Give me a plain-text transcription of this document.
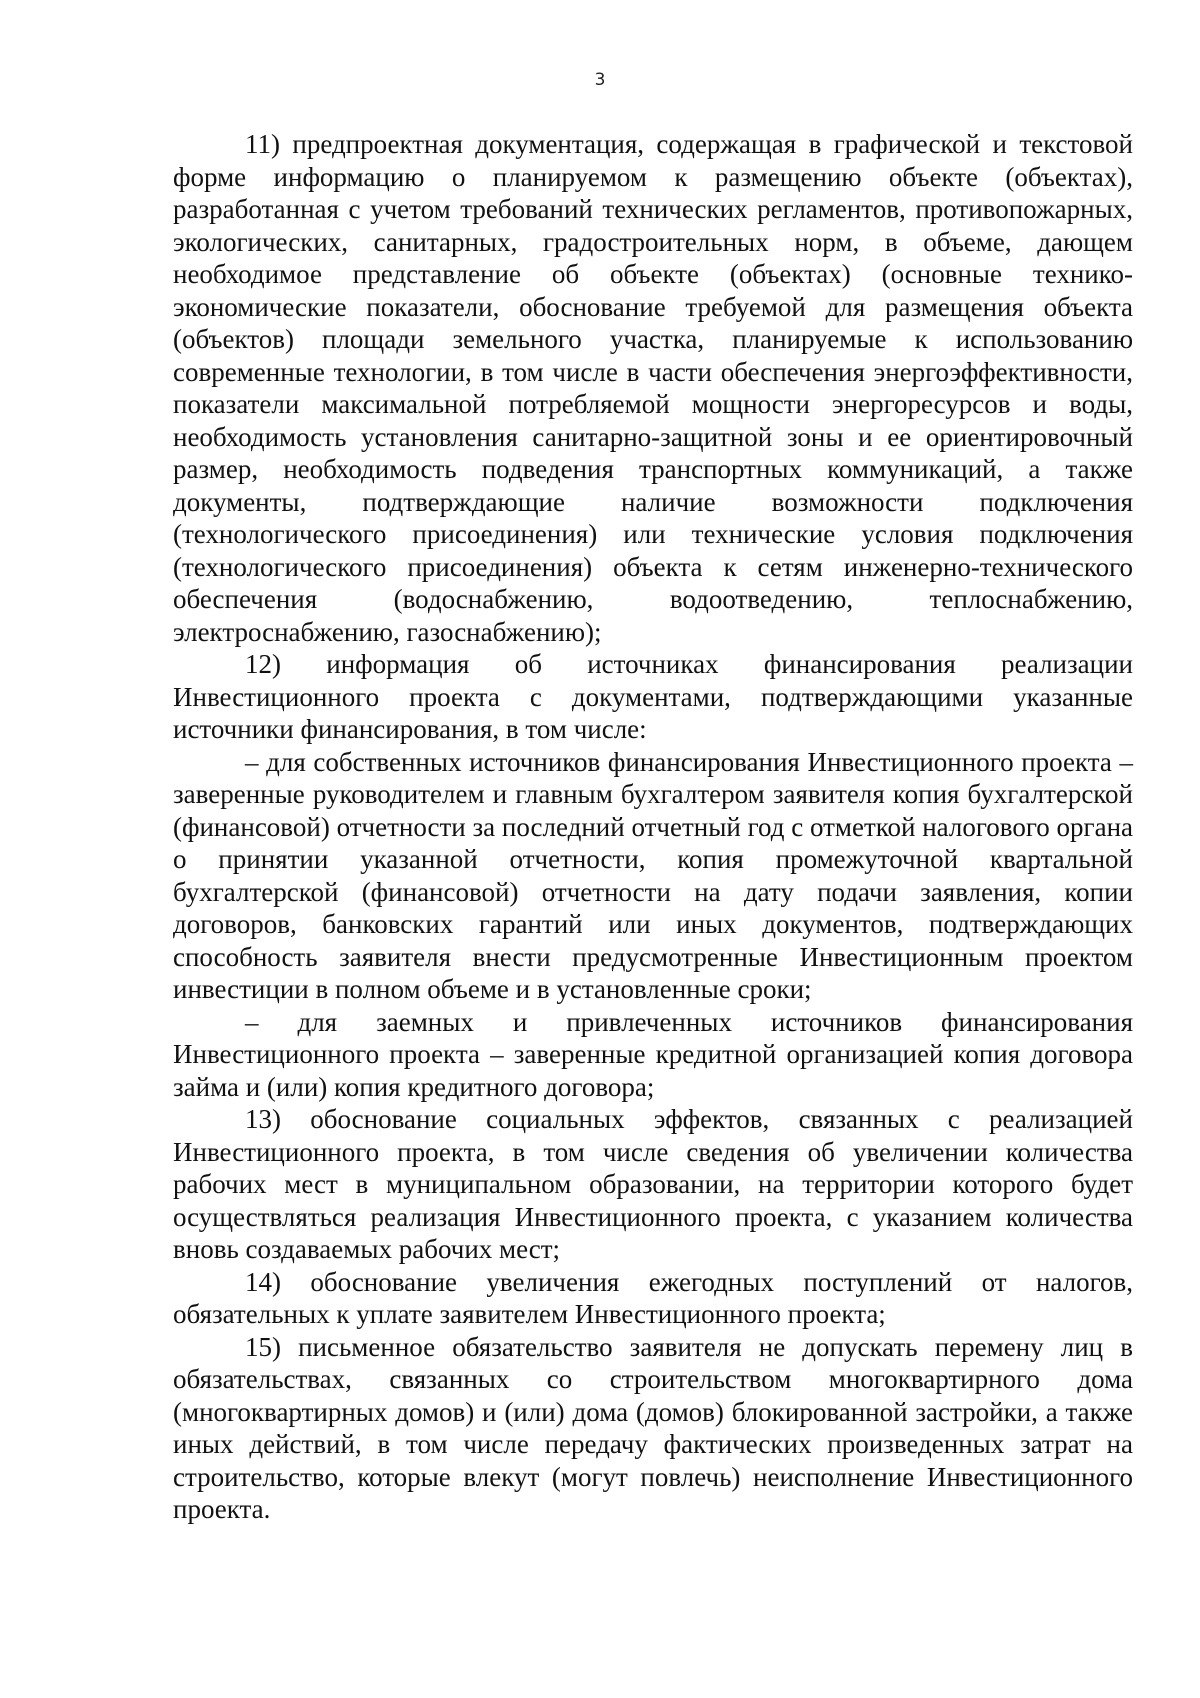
3

11) предпроектная документация, содержащая в графической и текстовой форме информацию о планируемом к размещению объекте (объектах), разработанная с учетом требований технических регламентов, противопожарных, экологических, санитарных, градостроительных норм, в объеме, дающем необходимое представление об объекте (объектах) (основные технико-экономические показатели, обоснование требуемой для размещения объекта (объектов) площади земельного участка, планируемые к использованию современные технологии, в том числе в части обеспечения энергоэффективности, показатели максимальной потребляемой мощности энергоресурсов и воды, необходимость установления санитарно-защитной зоны и ее ориентировочный размер, необходимость подведения транспортных коммуникаций, а также документы, подтверждающие наличие возможности подключения (технологического присоединения) или технические условия подключения (технологического присоединения) объекта к сетям инженерно-технического обеспечения (водоснабжению, водоотведению, теплоснабжению, электроснабжению, газоснабжению);

12) информация об источниках финансирования реализации Инвестиционного проекта с документами, подтверждающими указанные источники финансирования, в том числе:

– для собственных источников финансирования Инвестиционного проекта – заверенные руководителем и главным бухгалтером заявителя копия бухгалтерской (финансовой) отчетности за последний отчетный год с отметкой налогового органа о принятии указанной отчетности, копия промежуточной квартальной бухгалтерской (финансовой) отчетности на дату подачи заявления, копии договоров, банковских гарантий или иных документов, подтверждающих способность заявителя внести предусмотренные Инвестиционным проектом инвестиции в полном объеме и в установленные сроки;

– для заемных и привлеченных источников финансирования Инвестиционного проекта – заверенные кредитной организацией копия договора займа и (или) копия кредитного договора;

13) обоснование социальных эффектов, связанных с реализацией Инвестиционного проекта, в том числе сведения об увеличении количества рабочих мест в муниципальном образовании, на территории которого будет осуществляться реализация Инвестиционного проекта, с указанием количества вновь создаваемых рабочих мест;

14) обоснование увеличения ежегодных поступлений от налогов, обязательных к уплате заявителем Инвестиционного проекта;

15) письменное обязательство заявителя не допускать перемену лиц в обязательствах, связанных со строительством многоквартирного дома (многоквартирных домов) и (или) дома (домов) блокированной застройки, а также иных действий, в том числе передачу фактических произведенных затрат на строительство, которые влекут (могут повлечь) неисполнение Инвестиционного проекта.
